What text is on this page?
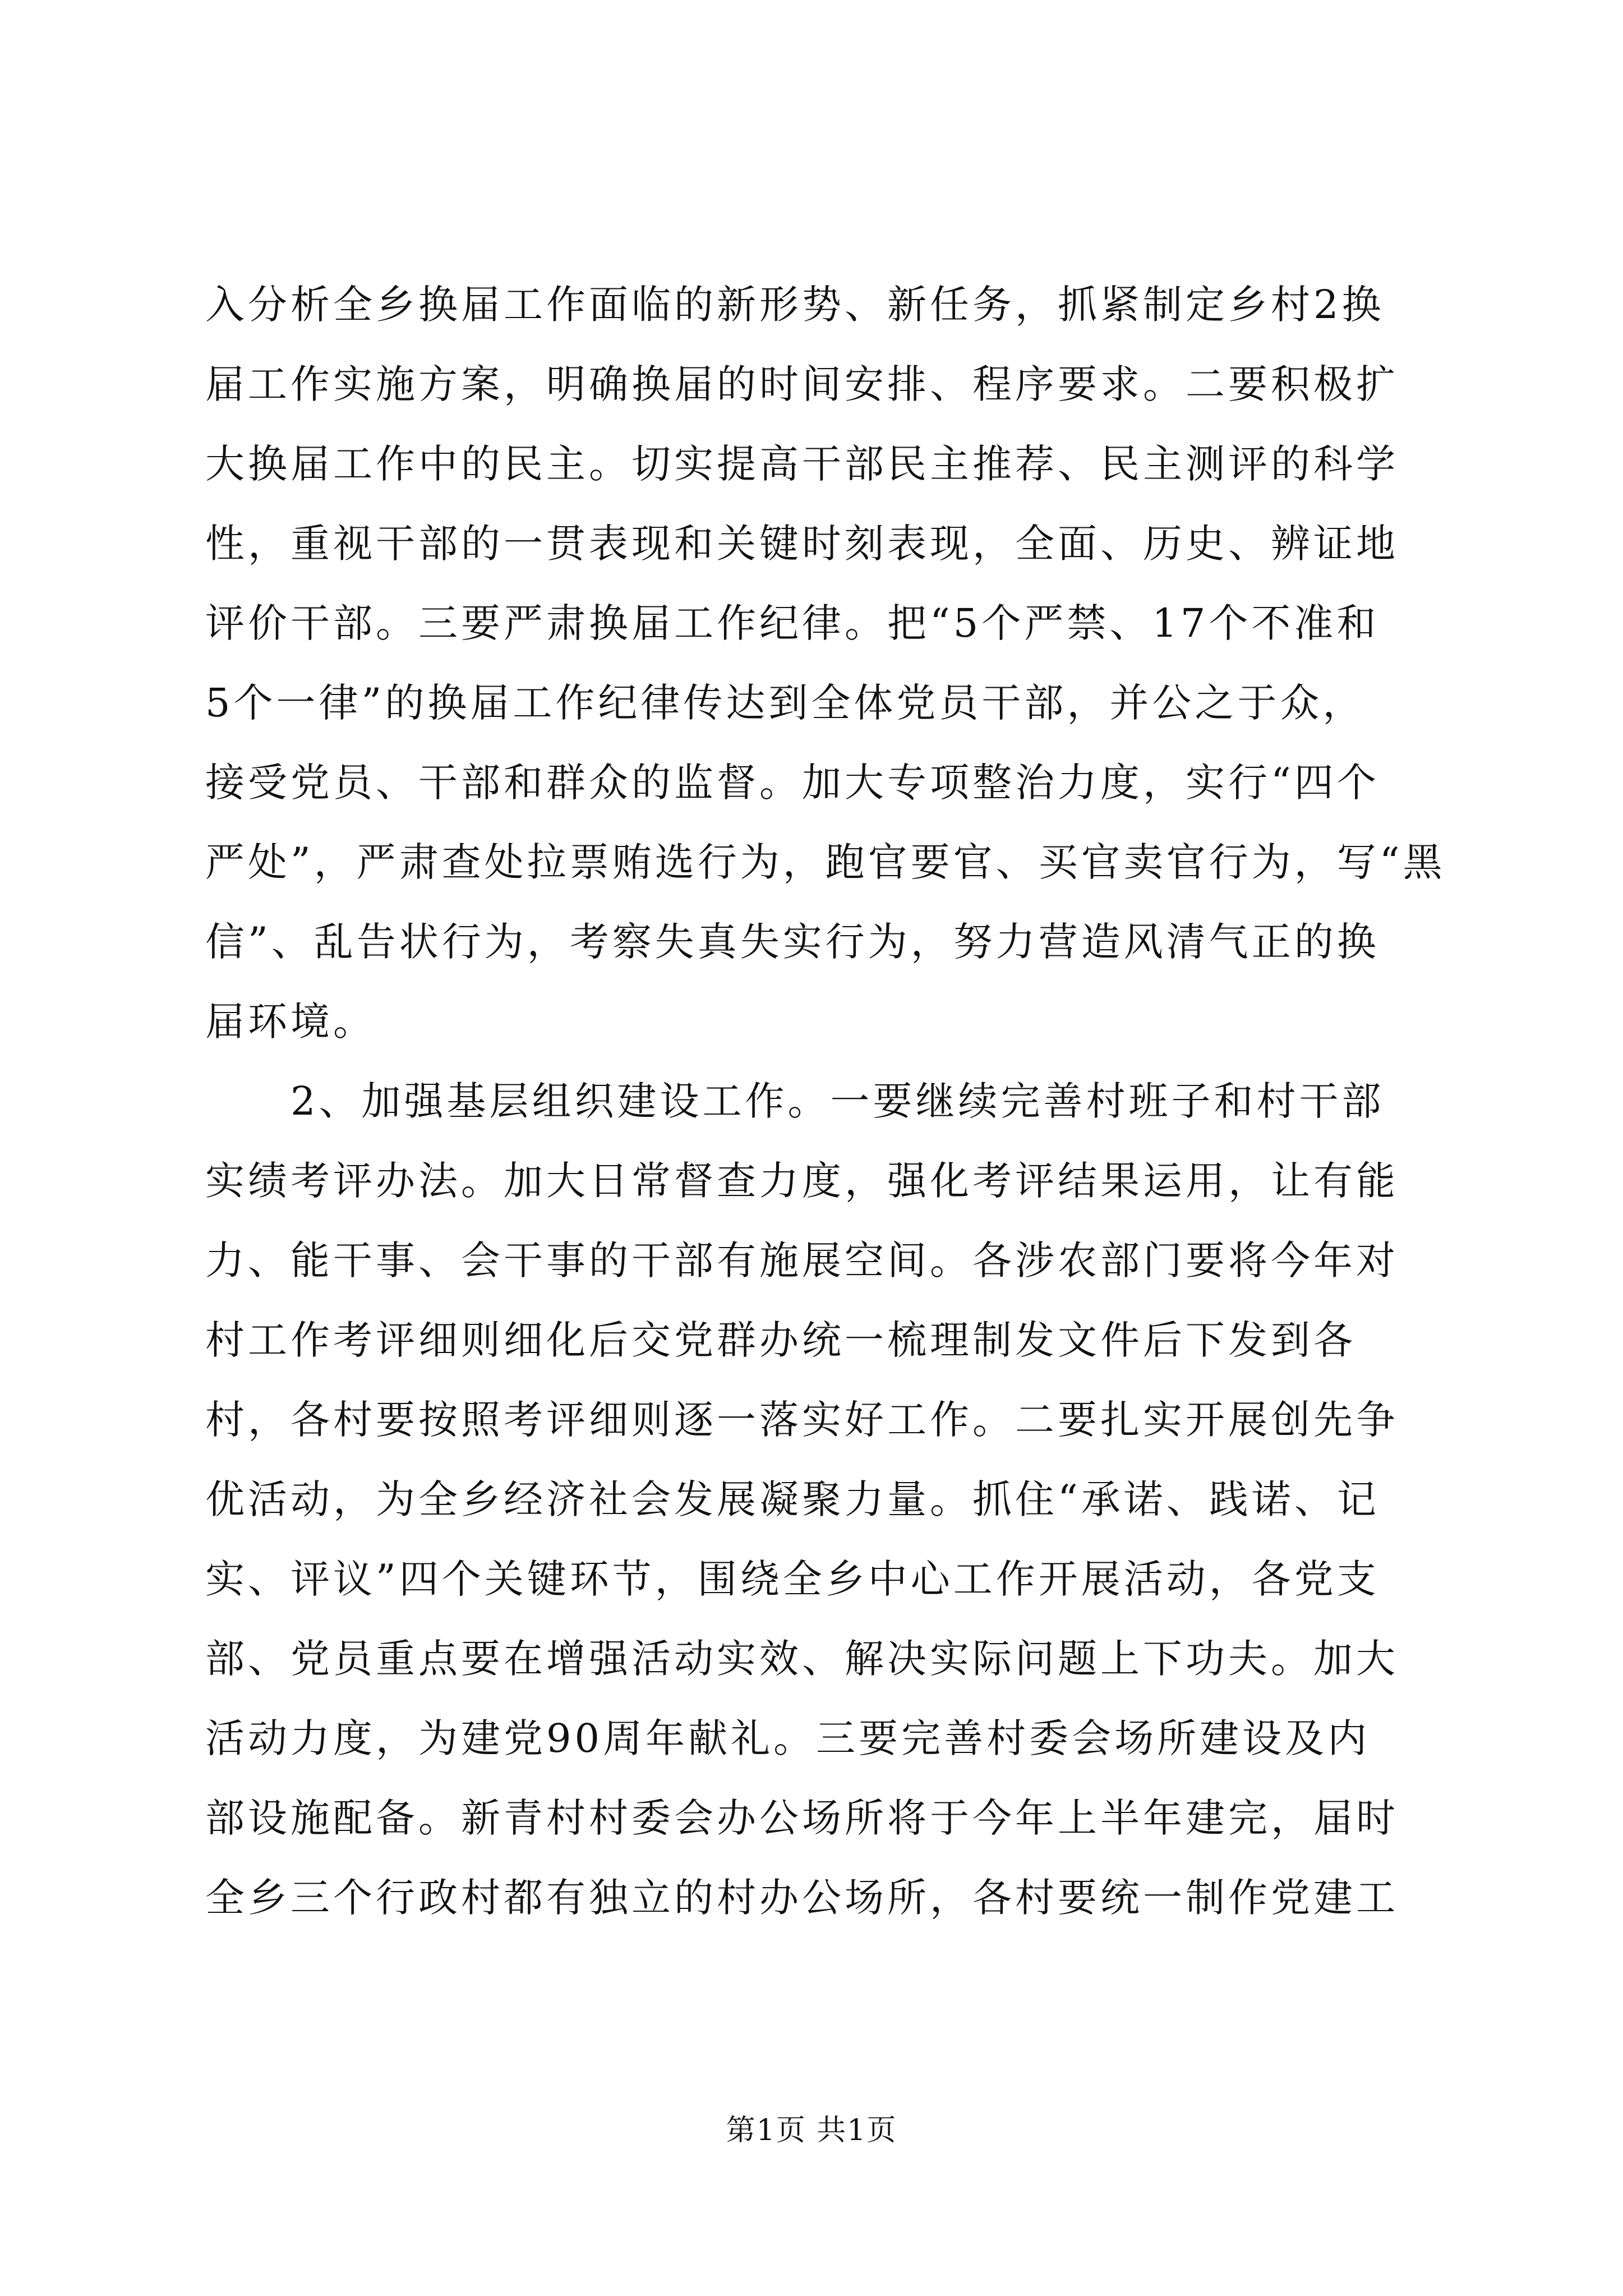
入分析全乡换届工作面临的新形势、新任务，抓紧制定乡村2换
届工作实施方案，明确换届的时间安排、程序要求。二要积极扩
大换届工作中的民主。切实提高干部民主推荐、民主测评的科学
性，重视干部的一贯表现和关键时刻表现，全面、历史、辨证地
评价干部。三要严肃换届工作纪律。把“5个严禁、17个不准和
5个一律”的换届工作纪律传达到全体党员干部，并公之于众，
接受党员、干部和群众的监督。加大专项整治力度，实行“四个
严处”，严肃查处拉票贿选行为，跑官要官、买官卖官行为，写“黑
信”、乱告状行为，考察失真失实行为，努力营造风清气正的换
届环境。
　　2、加强基层组织建设工作。一要继续完善村班子和村干部
实绩考评办法。加大日常督查力度，强化考评结果运用，让有能
力、能干事、会干事的干部有施展空间。各涉农部门要将今年对
村工作考评细则细化后交党群办统一梳理制发文件后下发到各
村，各村要按照考评细则逐一落实好工作。二要扎实开展创先争
优活动，为全乡经济社会发展凝聚力量。抓住“承诺、践诺、记
实、评议”四个关键环节，围绕全乡中心工作开展活动，各党支
部、党员重点要在增强活动实效、解决实际问题上下功夫。加大
活动力度，为建党90周年献礼。三要完善村委会场所建设及内
部设施配备。新青村村委会办公场所将于今年上半年建完，届时
全乡三个行政村都有独立的村办公场所，各村要统一制作党建工
第1页 共1页
